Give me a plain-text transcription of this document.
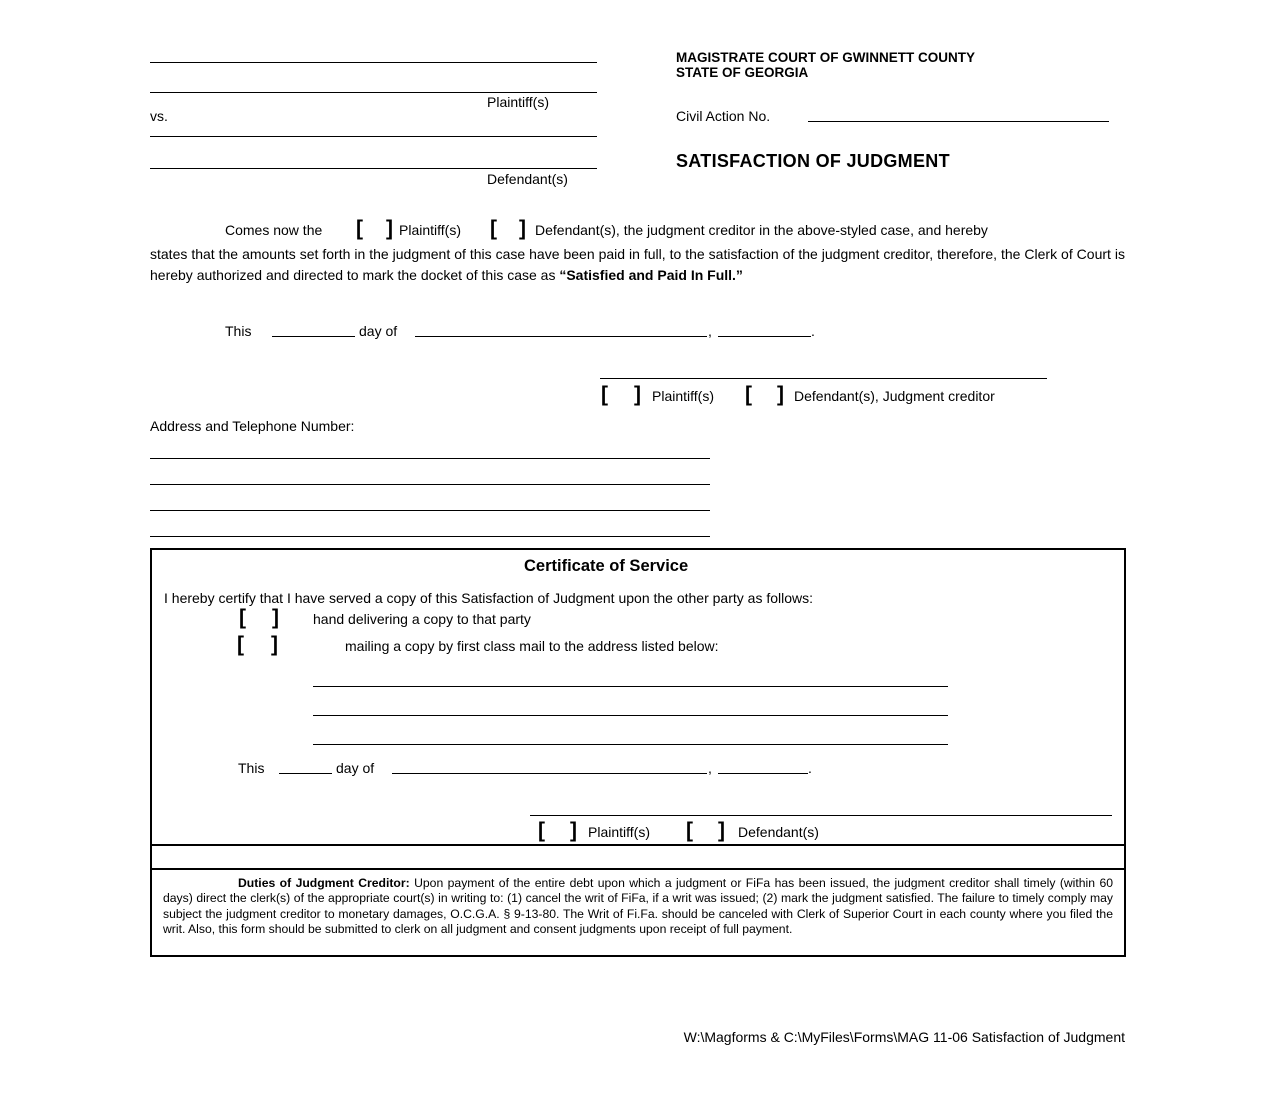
Plaintiff(s)
vs.
Defendant(s)
MAGISTRATE COURT OF GWINNETT COUNTY
STATE OF GEORGIA
Civil Action No.
SATISFACTION OF JUDGMENT
Comes now the [ ] Plaintiff(s) [ ] Defendant(s), the judgment creditor in the above-styled case, and hereby
states that the amounts set forth in the judgment of this case have been paid in full, to the satisfaction of the judgment creditor, therefore, the Clerk of Court is hereby authorized and directed to mark the docket of this case as “Satisfied and Paid In Full.”
This	day of	,	.
[ ] Plaintiff(s) [ ] Defendant(s), Judgment creditor
Address and Telephone Number:
Certificate of Service
I hereby certify that I have served a copy of this Satisfaction of Judgment upon the other party as follows:
[ ] hand delivering a copy to that party
[ ]	mailing a copy by first class mail to the address listed below:
This	day of	,	.
[ ] Plaintiff(s) [ ] Defendant(s)
Duties of Judgment Creditor: Upon payment of the entire debt upon which a judgment or FiFa has been issued, the judgment creditor shall timely (within 60 days) direct the clerk(s) of the appropriate court(s) in writing to: (1) cancel the writ of FiFa, if a writ was issued; (2) mark the judgment satisfied. The failure to timely comply may subject the judgment creditor to monetary damages, O.C.G.A. § 9-13-80. The Writ of Fi.Fa. should be canceled with Clerk of Superior Court in each county where you filed the writ. Also, this form should be submitted to clerk on all judgment and consent judgments upon receipt of full payment.
W:\Magforms & C:\MyFiles\Forms\MAG 11-06 Satisfaction of Judgment
